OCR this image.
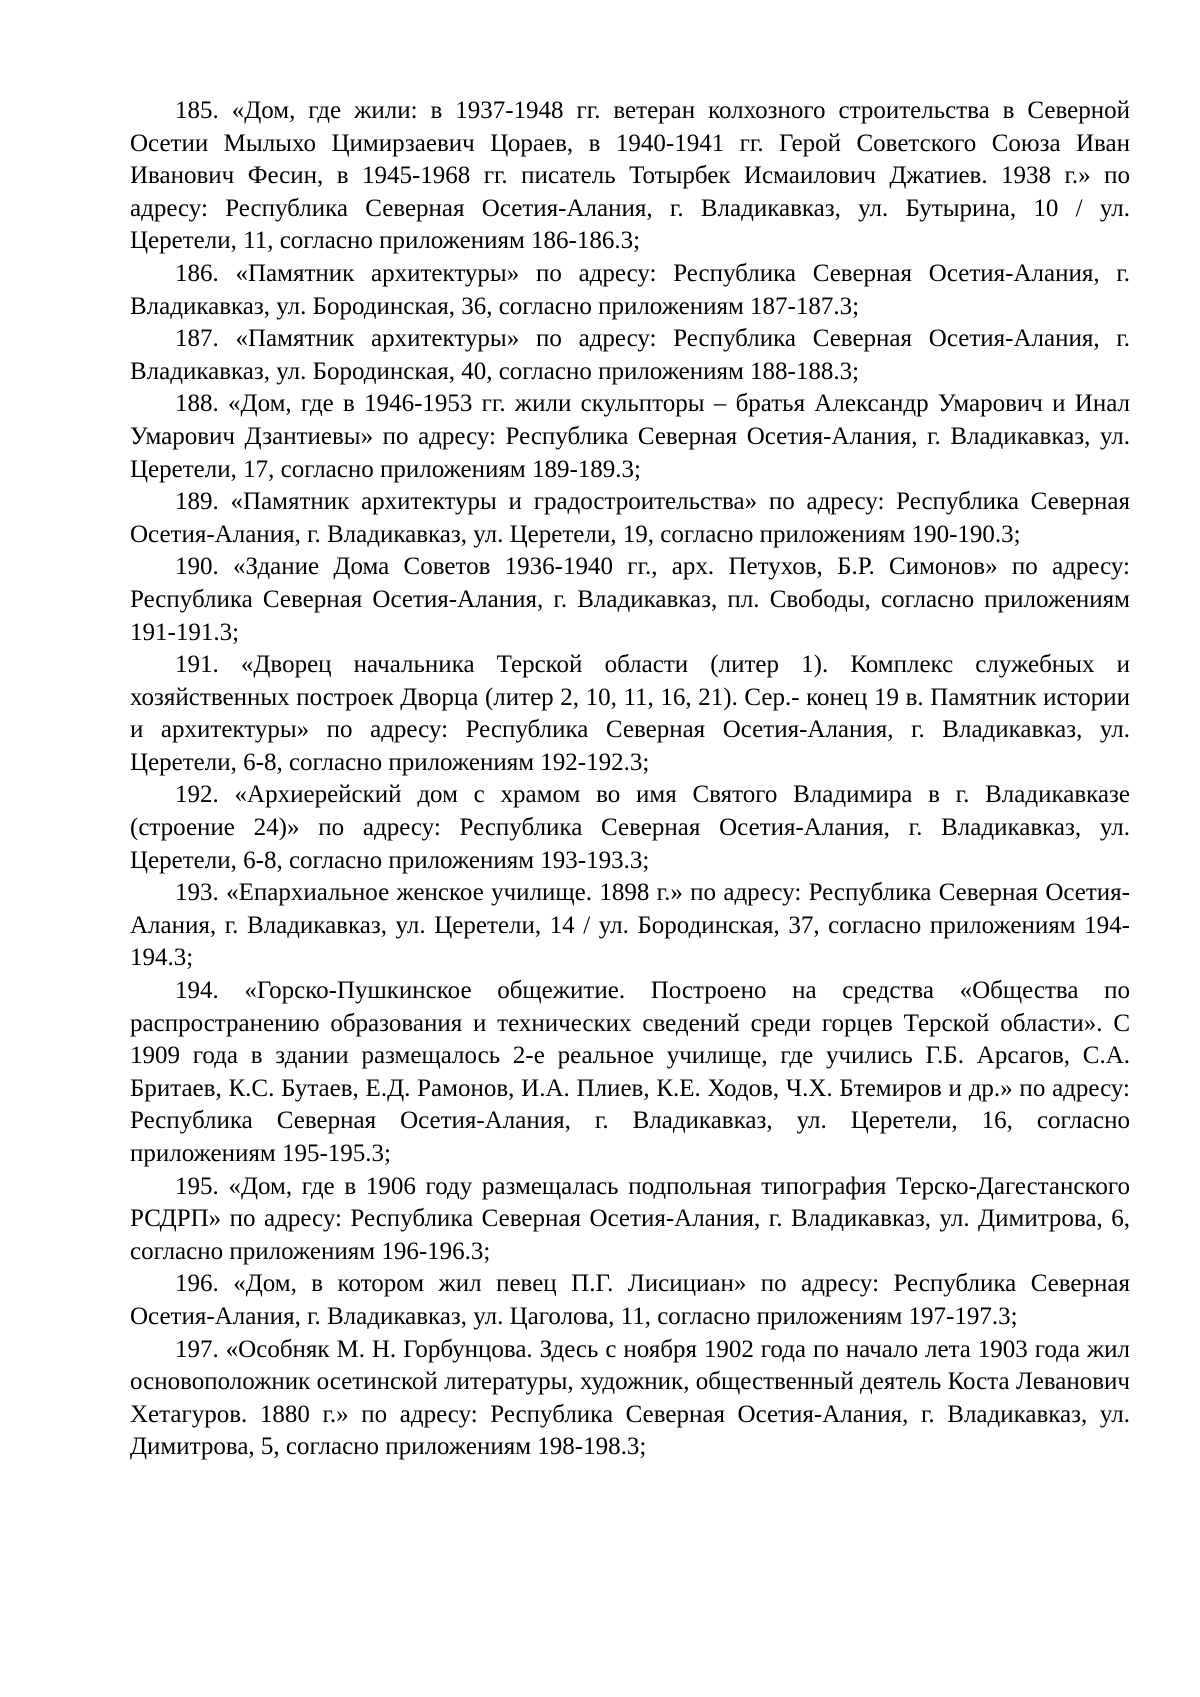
185. «Дом, где жили: в 1937-1948 гг. ветеран колхозного строительства в Северной Осетии Мылыхо Цимирзаевич Цораев, в 1940-1941 гг. Герой Советского Союза Иван Иванович Фесин, в 1945-1968 гг. писатель Тотырбек Исмаилович Джатиев. 1938 г.» по адресу: Республика Северная Осетия-Алания, г. Владикавказ, ул. Бутырина, 10 / ул. Церетели, 11, согласно приложениям 186-186.3;

186. «Памятник архитектуры» по адресу: Республика Северная Осетия-Алания, г. Владикавказ, ул. Бородинская, 36, согласно приложениям 187-187.3;

187. «Памятник архитектуры» по адресу: Республика Северная Осетия-Алания, г. Владикавказ, ул. Бородинская, 40, согласно приложениям 188-188.3;

188. «Дом, где в 1946-1953 гг. жили скульпторы – братья Александр Умарович и Инал Умарович Дзантиевы» по адресу: Республика Северная Осетия-Алания, г. Владикавказ, ул. Церетели, 17, согласно приложениям 189-189.3;

189. «Памятник архитектуры и градостроительства» по адресу: Республика Северная Осетия-Алания, г. Владикавказ, ул. Церетели, 19, согласно приложениям 190-190.3;

190. «Здание Дома Советов 1936-1940 гг., арх. Петухов, Б.Р. Симонов» по адресу: Республика Северная Осетия-Алания, г. Владикавказ, пл. Свободы, согласно приложениям 191-191.3;

191. «Дворец начальника Терской области (литер 1). Комплекс служебных и хозяйственных построек Дворца (литер 2, 10, 11, 16, 21). Сер.- конец 19 в. Памятник истории и архитектуры» по адресу: Республика Северная Осетия-Алания, г. Владикавказ, ул. Церетели, 6-8, согласно приложениям 192-192.3;

192. «Архиерейский дом с храмом во имя Святого Владимира в г. Владикавказе (строение 24)» по адресу: Республика Северная Осетия-Алания, г. Владикавказ, ул. Церетели, 6-8, согласно приложениям 193-193.3;

193. «Епархиальное женское училище. 1898 г.» по адресу: Республика Северная Осетия-Алания, г. Владикавказ, ул. Церетели, 14 / ул. Бородинская, 37, согласно приложениям 194-194.3;

194. «Горско-Пушкинское общежитие. Построено на средства «Общества по распространению образования и технических сведений среди горцев Терской области». С 1909 года в здании размещалось 2-е реальное училище, где учились Г.Б. Арсагов, С.А. Бритаев, К.С. Бутаев, Е.Д. Рамонов, И.А. Плиев, К.Е. Ходов, Ч.Х. Бтемиров и др.» по адресу: Республика Северная Осетия-Алания, г. Владикавказ, ул. Церетели, 16, согласно приложениям 195-195.3;

195. «Дом, где в 1906 году размещалась подпольная типография Терско-Дагестанского РСДРП» по адресу: Республика Северная Осетия-Алания, г. Владикавказ, ул. Димитрова, 6, согласно приложениям 196-196.3;

196. «Дом, в котором жил певец П.Г. Лисициан» по адресу: Республика Северная Осетия-Алания, г. Владикавказ, ул. Цаголова, 11, согласно приложениям 197-197.3;

197. «Особняк М. Н. Горбунцова. Здесь с ноября 1902 года по начало лета 1903 года жил основоположник осетинской литературы, художник, общественный деятель Коста Леванович Хетагуров. 1880 г.» по адресу: Республика Северная Осетия-Алания, г. Владикавказ, ул. Димитрова, 5, согласно приложениям 198-198.3;
